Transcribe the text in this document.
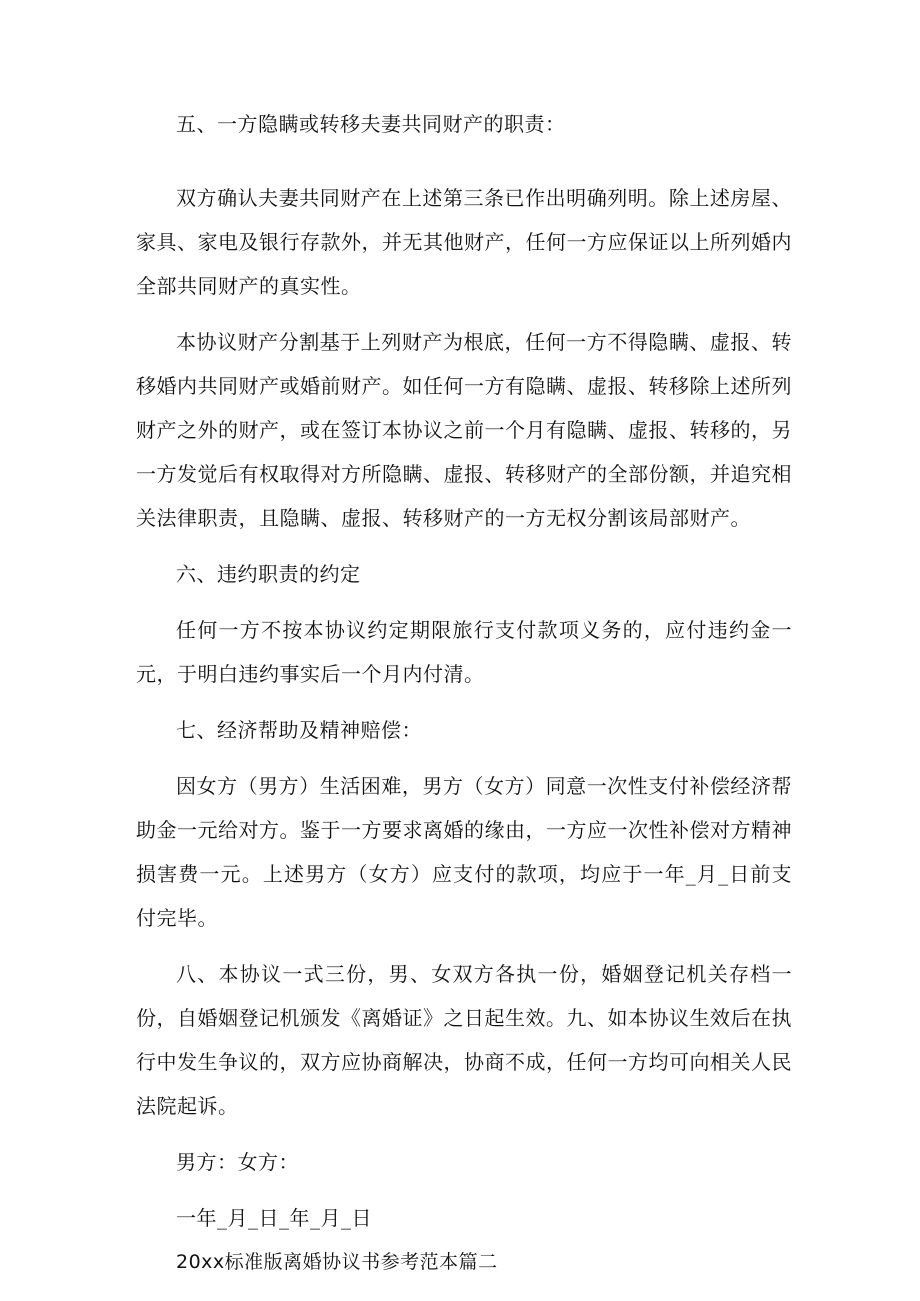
五、一方隐瞒或转移夫妻共同财产的职责：

双方确认夫妻共同财产在上述第三条已作出明确列明。除上述房屋、家具、家电及银行存款外，并无其他财产，任何一方应保证以上所列婚内全部共同财产的真实性。

本协议财产分割基于上列财产为根底，任何一方不得隐瞒、虚报、转移婚内共同财产或婚前财产。如任何一方有隐瞒、虚报、转移除上述所列财产之外的财产，或在签订本协议之前一个月有隐瞒、虚报、转移的，另一方发觉后有权取得对方所隐瞒、虚报、转移财产的全部份额，并追究相关法律职责，且隐瞒、虚报、转移财产的一方无权分割该局部财产。

六、违约职责的约定

任何一方不按本协议约定期限旅行支付款项义务的，应付违约金一元，于明白违约事实后一个月内付清。

七、经济帮助及精神赔偿：

因女方（男方）生活困难，男方（女方）同意一次性支付补偿经济帮助金一元给对方。鉴于一方要求离婚的缘由，一方应一次性补偿对方精神损害费一元。上述男方（女方）应支付的款项，均应于一年_月_日前支付完毕。

八、本协议一式三份，男、女双方各执一份，婚姻登记机关存档一份，自婚姻登记机颁发《离婚证》之日起生效。九、如本协议生效后在执行中发生争议的，双方应协商解决，协商不成，任何一方均可向相关人民法院起诉。

男方：女方：

一年_月_日_年_月_日

20xx标准版离婚协议书参考范本篇二
